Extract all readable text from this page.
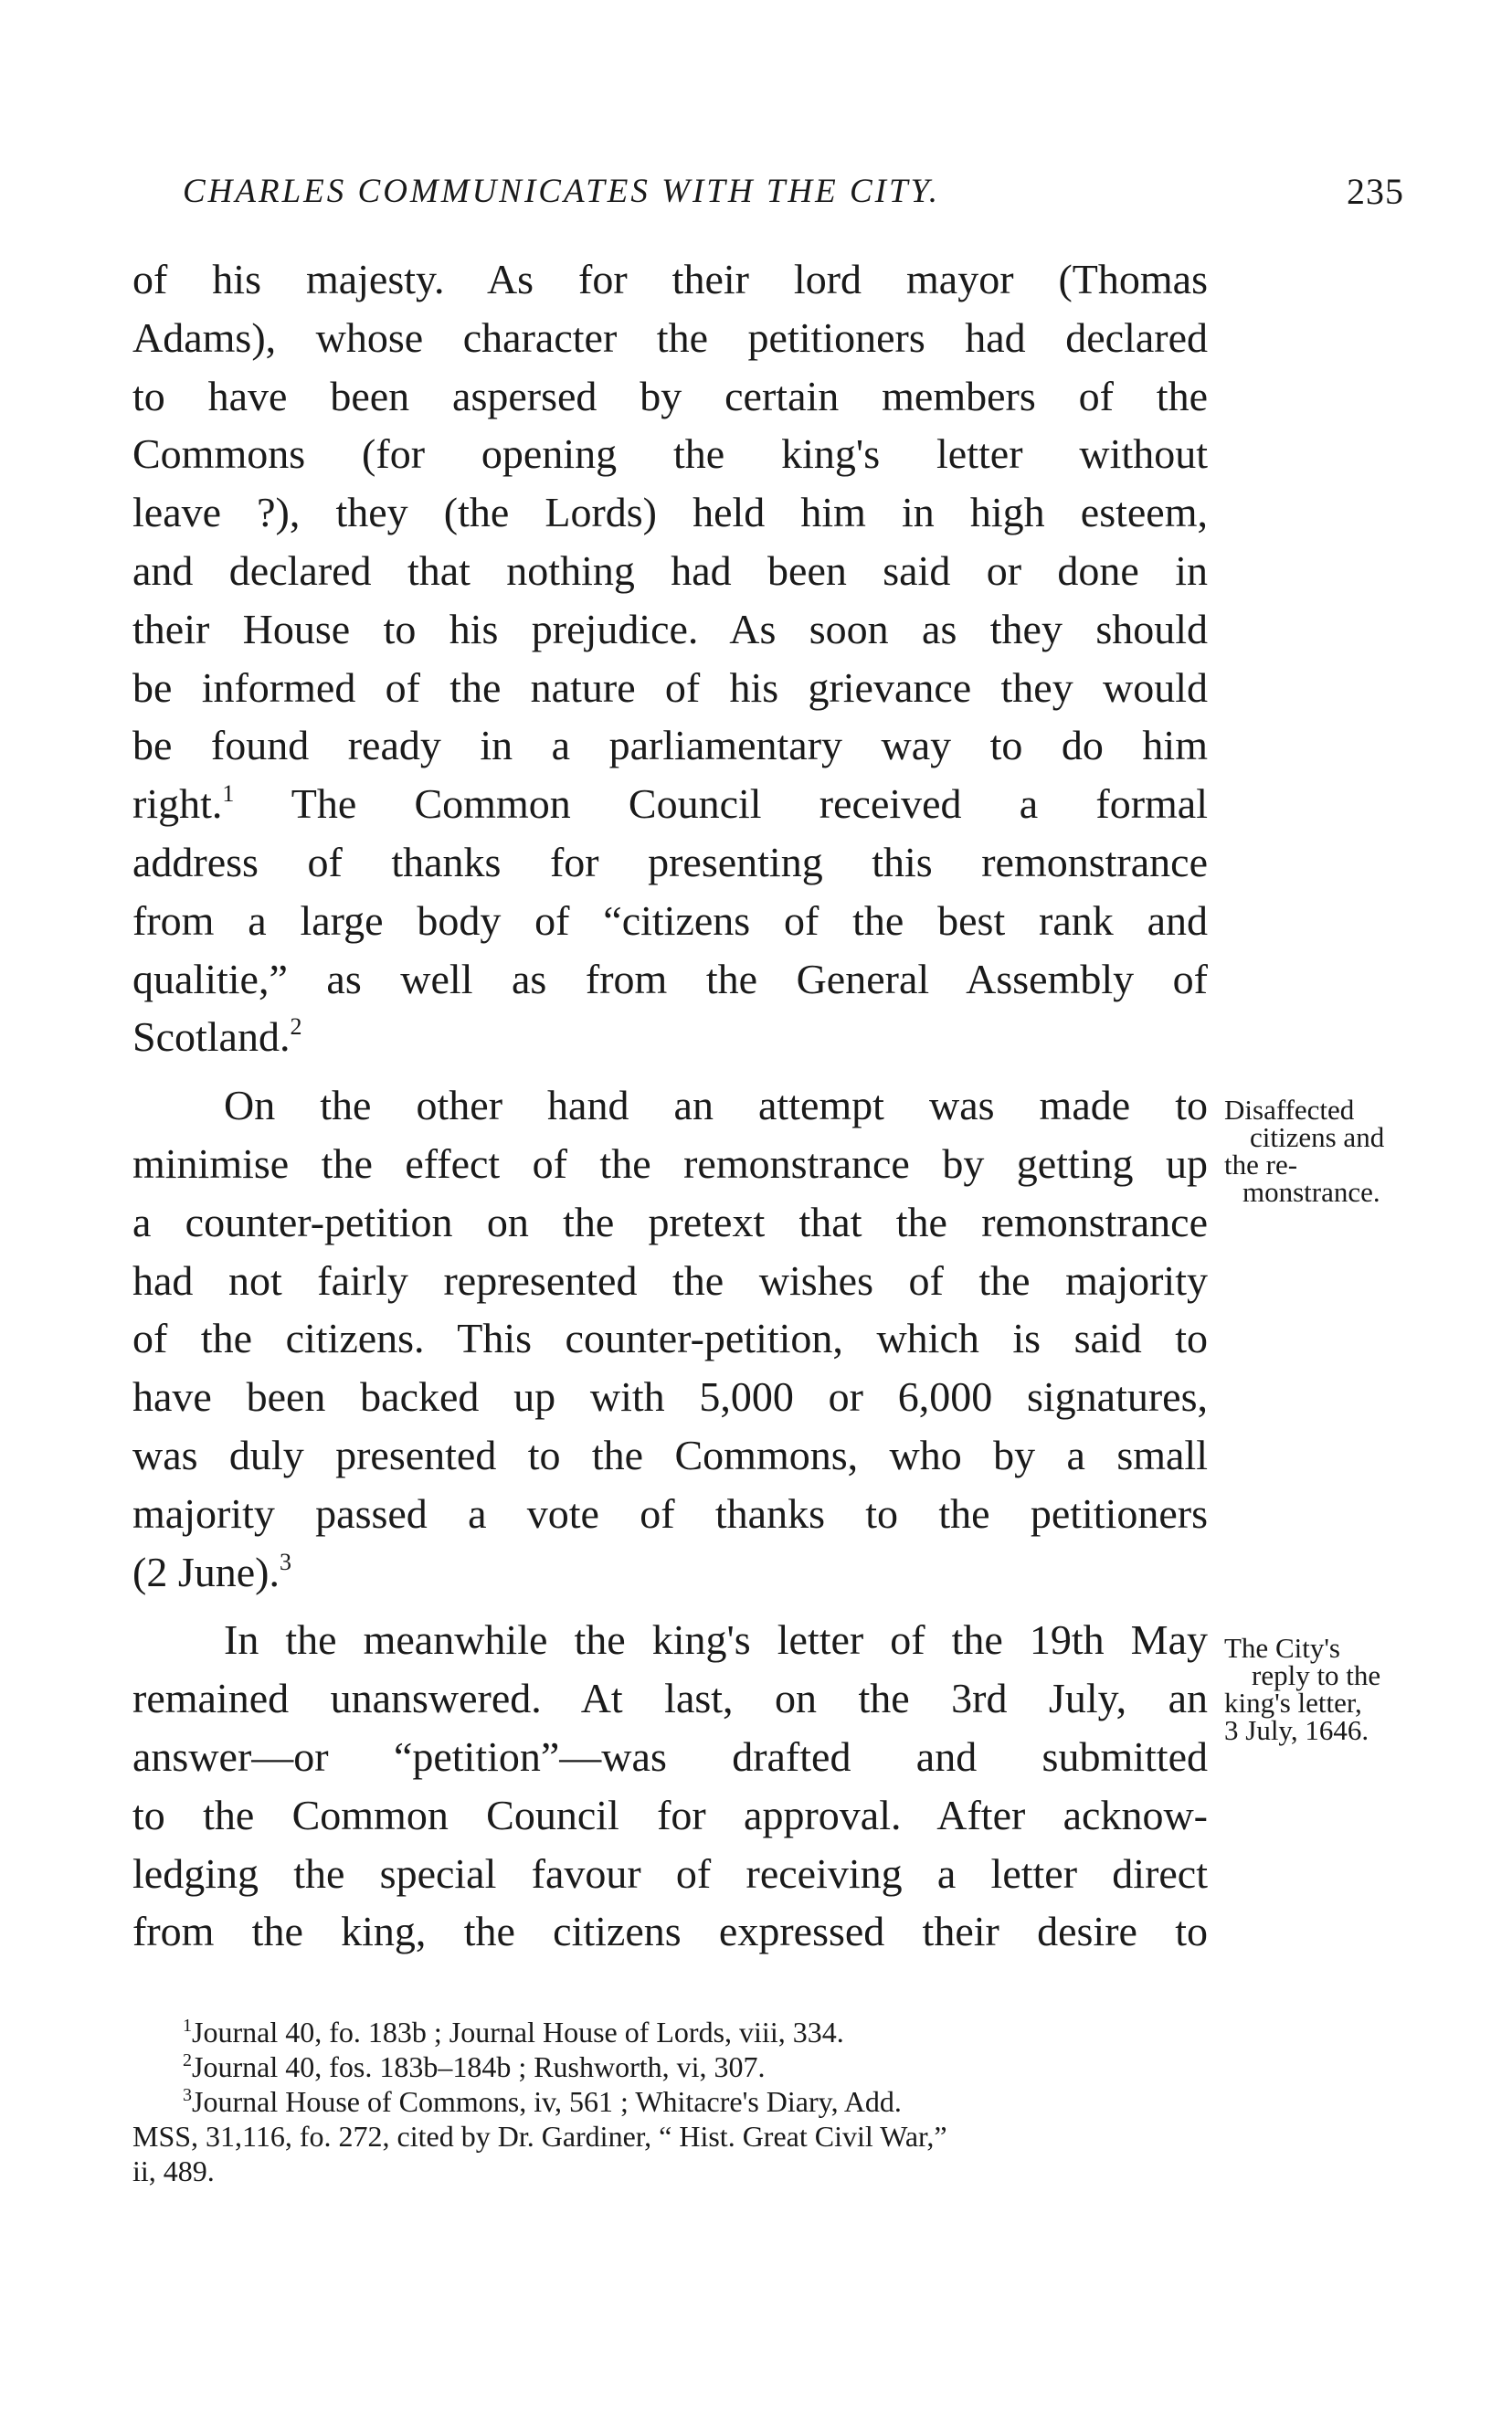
CHARLES COMMUNICATES WITH THE CITY.	235
of his majesty. As for their lord mayor (Thomas
Adams), whose character the petitioners had declared
to have been aspersed by certain members of the
Commons (for opening the king's letter without
leave ?), they (the Lords) held him in high esteem,
and declared that nothing had been said or done in
their House to his prejudice. As soon as they should
be informed of the nature of his grievance they would
be found ready in a parliamentary way to do him
right.$^1$ The Common Council received a formal
address of thanks for presenting this remonstrance
from a large body of “citizens of the best rank and
qualitie,” as well as from the General Assembly of
Scotland.$^2$
On the other hand an attempt was made to
minimise the effect of the remonstrance by getting up
a counter-petition on the pretext that the remonstrance
had not fairly represented the wishes of the majority
of the citizens. This counter-petition, which is said to
have been backed up with 5,000 or 6,000 signatures,
was duly presented to the Commons, who by a small
majority passed a vote of thanks to the petitioners
(2 June).$^3$
In the meanwhile the king's letter of the 19th May
remained unanswered. At last, on the 3rd July, an
answer—or “petition”—was drafted and submitted
to the Common Council for approval. After acknow-
ledging the special favour of receiving a letter direct
from the king, the citizens expressed their desire to
Disaffected
citizens and
the re-
monstrance.
The City's
reply to the
king's letter,
3 July, 1646.
$^1$Journal 40, fo. 183b ; Journal House of Lords, viii, 334.
$^2$Journal 40, fos. 183b–184b ; Rushworth, vi, 307.
$^3$Journal House of Commons, iv, 561 ; Whitacre's Diary, Add.
MSS, 31,116, fo. 272, cited by Dr. Gardiner, “ Hist. Great Civil War,”
ii, 489.
